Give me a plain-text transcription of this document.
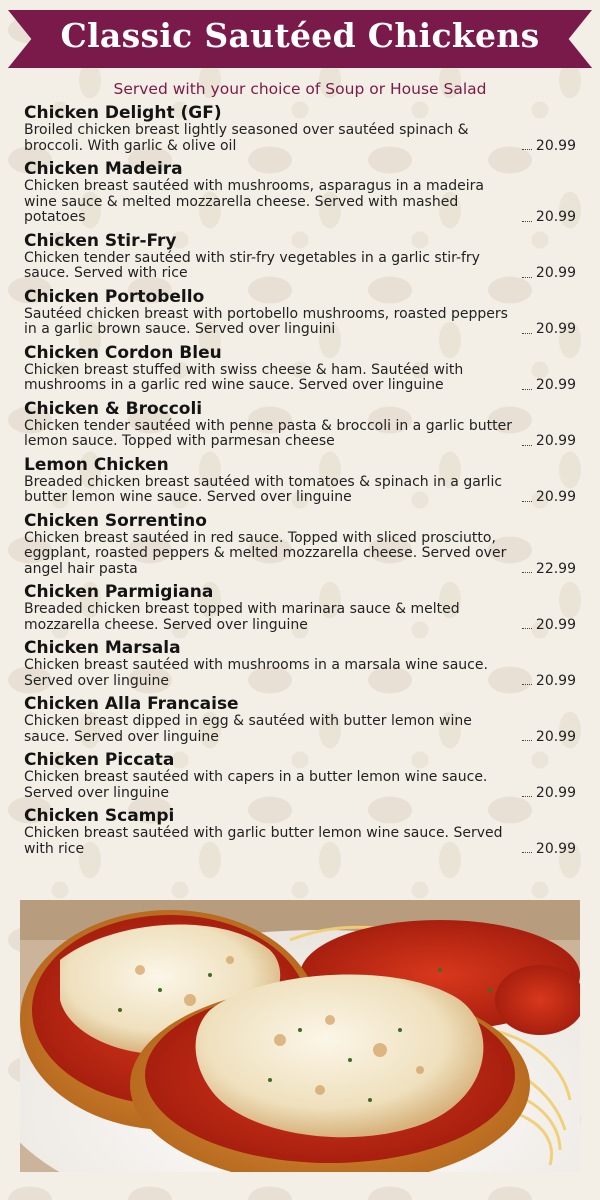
Classic Sautéed Chickens
Served with your choice of Soup or House Salad
Chicken Delight (GF)
Broiled chicken breast lightly seasoned over sautéed spinach & broccoli. With garlic & olive oil	20.99
Chicken Madeira
Chicken breast sautéed with mushrooms, asparagus in a madeira wine sauce & melted mozzarella cheese. Served with mashed potatoes	20.99
Chicken Stir-Fry
Chicken tender sautéed with stir-fry vegetables in a garlic stir-fry sauce. Served with rice	20.99
Chicken Portobello
Sautéed chicken breast with portobello mushrooms, roasted peppers in a garlic brown sauce. Served over linguini	20.99
Chicken Cordon Bleu
Chicken breast stuffed with swiss cheese & ham. Sautéed with mushrooms in a garlic red wine sauce. Served over linguine	20.99
Chicken & Broccoli
Chicken tender sautéed with penne pasta & broccoli in a garlic butter lemon sauce. Topped with parmesan cheese	20.99
Lemon Chicken
Breaded chicken breast sautéed with tomatoes & spinach in a garlic butter lemon wine sauce. Served over linguine	20.99
Chicken Sorrentino
Chicken breast sautéed in red sauce. Topped with sliced prosciutto, eggplant, roasted peppers & melted mozzarella cheese. Served over angel hair pasta	22.99
Chicken Parmigiana
Breaded chicken breast topped with marinara sauce & melted mozzarella cheese. Served over linguine	20.99
Chicken Marsala
Chicken breast sautéed with mushrooms in a marsala wine sauce. Served over linguine	20.99
Chicken Alla Francaise
Chicken breast dipped in egg & sautéed with butter lemon wine sauce. Served over linguine	20.99
Chicken Piccata
Chicken breast sautéed with capers in a butter lemon wine sauce. Served over linguine	20.99
Chicken Scampi
Chicken breast sautéed with garlic butter lemon wine sauce. Served with rice	20.99
